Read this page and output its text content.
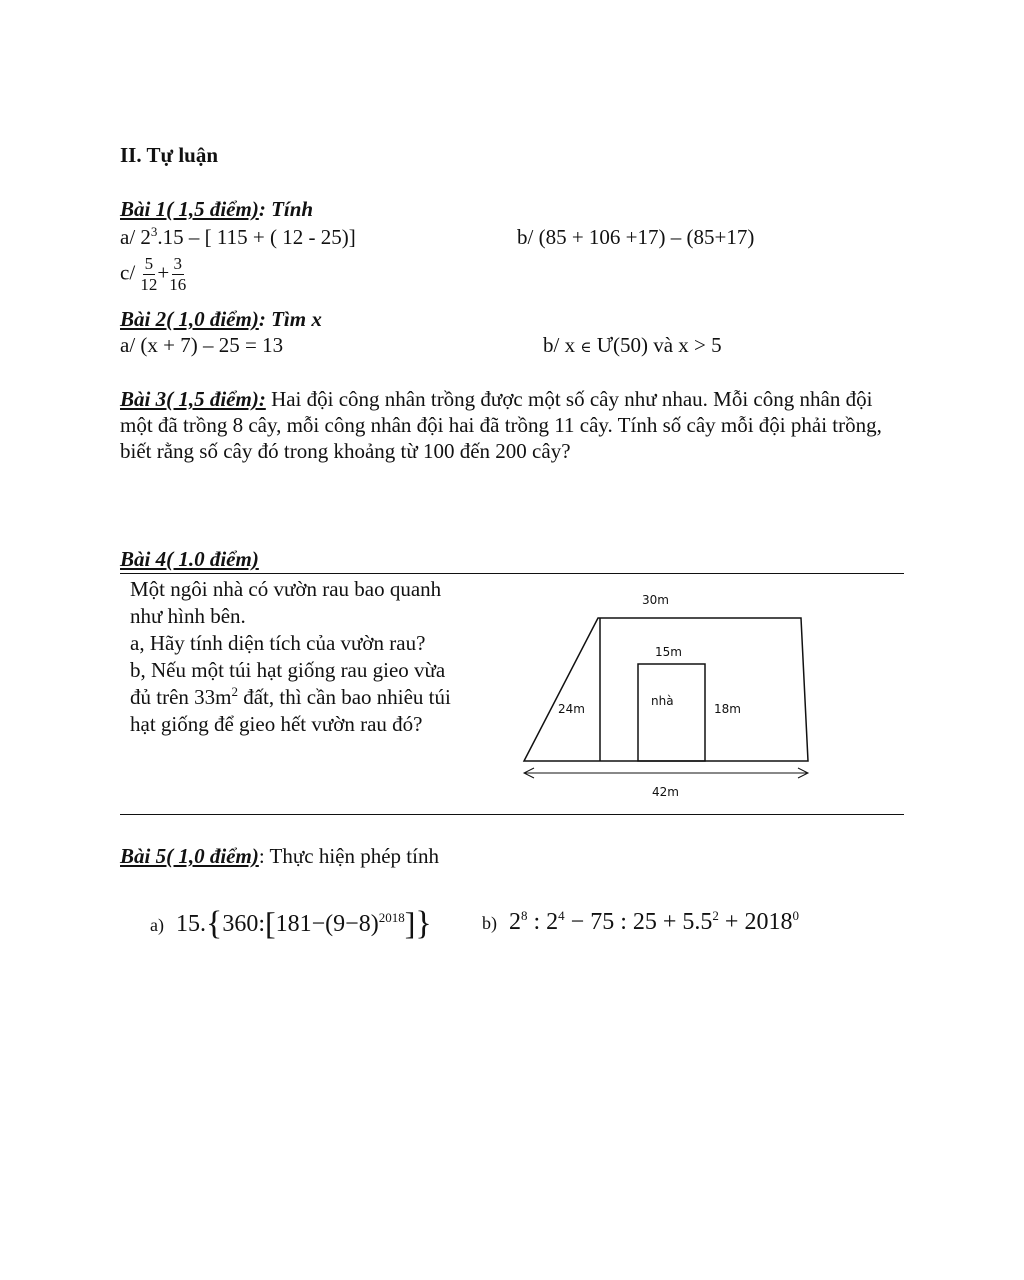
II. Tự luận
Bài 1( 1,5 điểm): Tính
a/ $2^3.15$ – [ 115 + ( 12 - 25)]	b/ (85 + 106 +17) – (85+17)
$c/ \frac{5}{12} + \frac{3}{16}$
Bài 2( 1,0 điểm): Tìm x
a/ (x + 7) – 25 = 13	b/ x ∈ Ư(50) và x > 5
Bài 3( 1,5 điểm): Hai đội công nhân trồng được một số cây như nhau. Mỗi công nhân đội một đã trồng 8 cây, mỗi công nhân đội hai đã trồng 11 cây. Tính số cây mỗi đội phải trồng, biết rằng số cây đó trong khoảng từ 100 đến 200 cây?
Bài 4( 1.0 điểm)
Một ngôi nhà có vườn rau bao quanh
như hình bên.
a, Hãy tính diện tích của vườn rau?
b, Nếu một túi hạt giống rau gieo vừa
đủ trên $33m^2$ đất, thì cần bao nhiêu túi
hạt giống để gieo hết vườn rau đó?
30m
15m
nhà
24m	18m
42m
Bài 5( 1,0 điểm): Thực hiện phép tính
a) $15.\{360:[181-(9-8)^{2018}]\}$	b) $2^8$ : $2^4 - 75$ : $25 + 5.5^2 + 2018^0$
